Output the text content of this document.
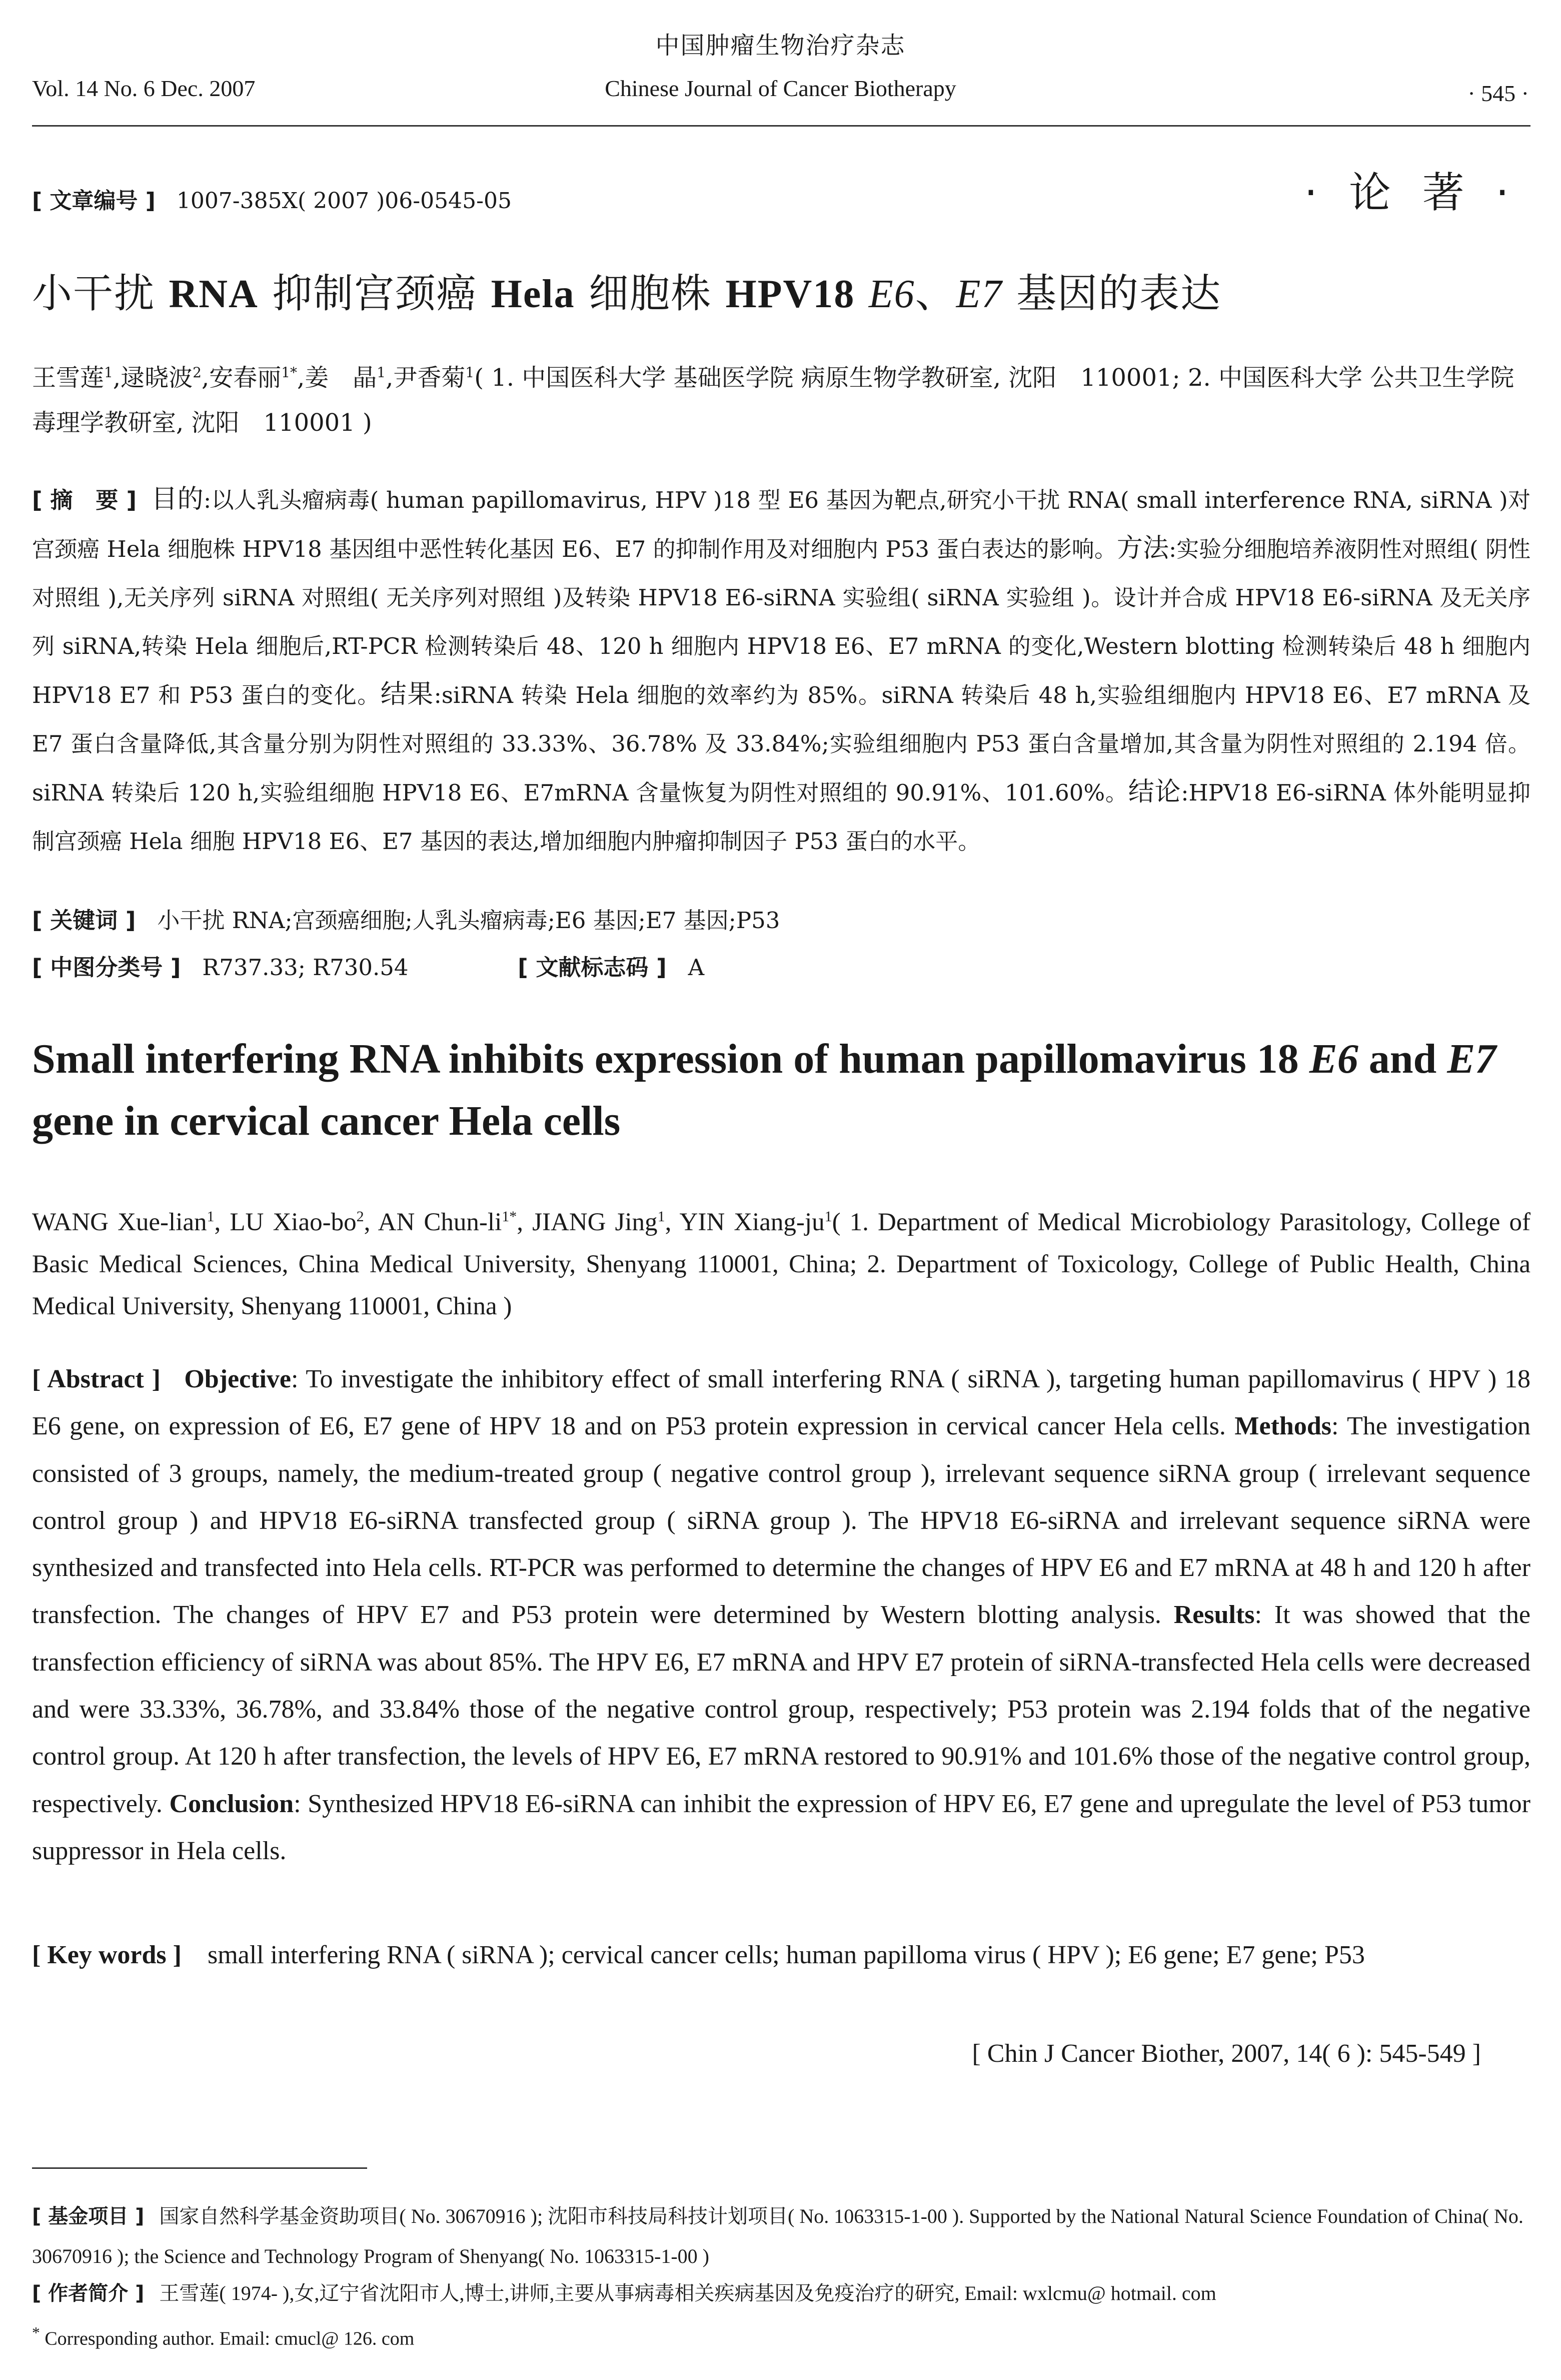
中国肿瘤生物治疗杂志
Vol. 14 No. 6 Dec. 2007	Chinese Journal of Cancer Biotherapy	· 545 ·
[ 文章编号 ] 1007-385X( 2007 )06-0545-05	· 论 著 ·
小干扰 RNA 抑制宫颈癌 Hela 细胞株 HPV18 E6、E7 基因的表达
王雪莲$^1$,逯晓波$^2$,安春丽$^{1*}$,姜　晶$^1$,尹香菊$^1$( 1. 中国医科大学 基础医学院 病原生物学教研室, 沈阳　110001; 2. 中国医科大学 公共卫生学院 毒理学教研室, 沈阳　110001 )
[ 摘　要 ] 目的:以人乳头瘤病毒( human papillomavirus, HPV )18 型 E6 基因为靶点,研究小干扰 RNA( small interference RNA, siRNA )对宫颈癌 Hela 细胞株 HPV18 基因组中恶性转化基因 E6、E7 的抑制作用及对细胞内 P53 蛋白表达的影响。方法:实验分细胞培养液阴性对照组( 阴性对照组 ),无关序列 siRNA 对照组( 无关序列对照组 )及转染 HPV18 E6-siRNA 实验组( siRNA 实验组 )。设计并合成 HPV18 E6-siRNA 及无关序列 siRNA,转染 Hela 细胞后,RT-PCR 检测转染后 48、120 h 细胞内 HPV18 E6、E7 mRNA 的变化,Western blotting 检测转染后 48 h 细胞内 HPV18 E7 和 P53 蛋白的变化。结果:siRNA 转染 Hela 细胞的效率约为 85%。siRNA 转染后 48 h,实验组细胞内 HPV18 E6、E7 mRNA 及 E7 蛋白含量降低,其含量分别为阴性对照组的 33.33%、36.78% 及 33.84%;实验组细胞内 P53 蛋白含量增加,其含量为阴性对照组的 2.194 倍。siRNA 转染后 120 h,实验组细胞 HPV18 E6、E7mRNA 含量恢复为阴性对照组的 90.91%、101.60%。结论:HPV18 E6-siRNA 体外能明显抑制宫颈癌 Hela 细胞 HPV18 E6、E7 基因的表达,增加细胞内肿瘤抑制因子 P53 蛋白的水平。
[ 关键词 ] 小干扰 RNA;宫颈癌细胞;人乳头瘤病毒;E6 基因;E7 基因;P53
[ 中图分类号 ] R737.33; R730.54	[ 文献标志码 ] A
Small interfering RNA inhibits expression of human papillomavirus 18 E6 and E7 gene in cervical cancer Hela cells
WANG Xue-lian$^1$, LU Xiao-$bo^2$, AN Chun-$li^{1*}$, JIANG Jing$^1$, YIN Xiang-$ju^1$( 1. Department of Medical Microbiology Parasitology, College of Basic Medical Sciences, China Medical University, Shenyang 110001, China; 2. Department of Toxicology, College of Public Health, China Medical University, Shenyang 110001, China )
[ Abstract ] Objective: To investigate the inhibitory effect of small interfering RNA ( siRNA ), targeting human papillomavirus ( HPV ) 18 E6 gene, on expression of E6, E7 gene of HPV 18 and on P53 protein expression in cervical cancer Hela cells. Methods: The investigation consisted of 3 groups, namely, the medium-treated group ( negative control group ), irrelevant sequence siRNA group ( irrelevant sequence control group ) and HPV18 E6-siRNA transfected group ( siRNA group ). The HPV18 E6-siRNA and irrelevant sequence siRNA were synthesized and transfected into Hela cells. RT-PCR was performed to determine the changes of HPV E6 and E7 mRNA at 48 h and 120 h after transfection. The changes of HPV E7 and P53 protein were determined by Western blotting analysis. Results: It was showed that the transfection efficiency of siRNA was about 85%. The HPV E6, E7 mRNA and HPV E7 protein of siRNA-transfected Hela cells were decreased and were 33.33%, 36.78%, and 33.84% those of the negative control group, respectively; P53 protein was 2.194 folds that of the negative control group. At 120 h after transfection, the levels of HPV E6, E7 mRNA restored to 90.91% and 101.6% those of the negative control group, respectively. Conclusion: Synthesized HPV18 E6-siRNA can inhibit the expression of HPV E6, E7 gene and upregulate the level of P53 tumor suppressor in Hela cells.
[ Key words ] small interfering RNA ( siRNA ); cervical cancer cells; human papilloma virus ( HPV ); E6 gene; E7 gene; P53
[ Chin J Cancer Biother, 2007, 14( 6 ): 545-549 ]
[ 基金项目 ] 国家自然科学基金资助项目( No. 30670916 ); 沈阳市科技局科技计划项目( No. 1063315-1-00 ). Supported by the National Natural Science Foundation of China( No. 30670916 ); the Science and Technology Program of Shenyang( No. 1063315-1-00 )
[ 作者简介 ] 王雪莲( 1974- ),女,辽宁省沈阳市人,博士,讲师,主要从事病毒相关疾病基因及免疫治疗的研究, Email: wxlcmu@ hotmail. com
* Corresponding author. Email: cmucl@ 126. com
